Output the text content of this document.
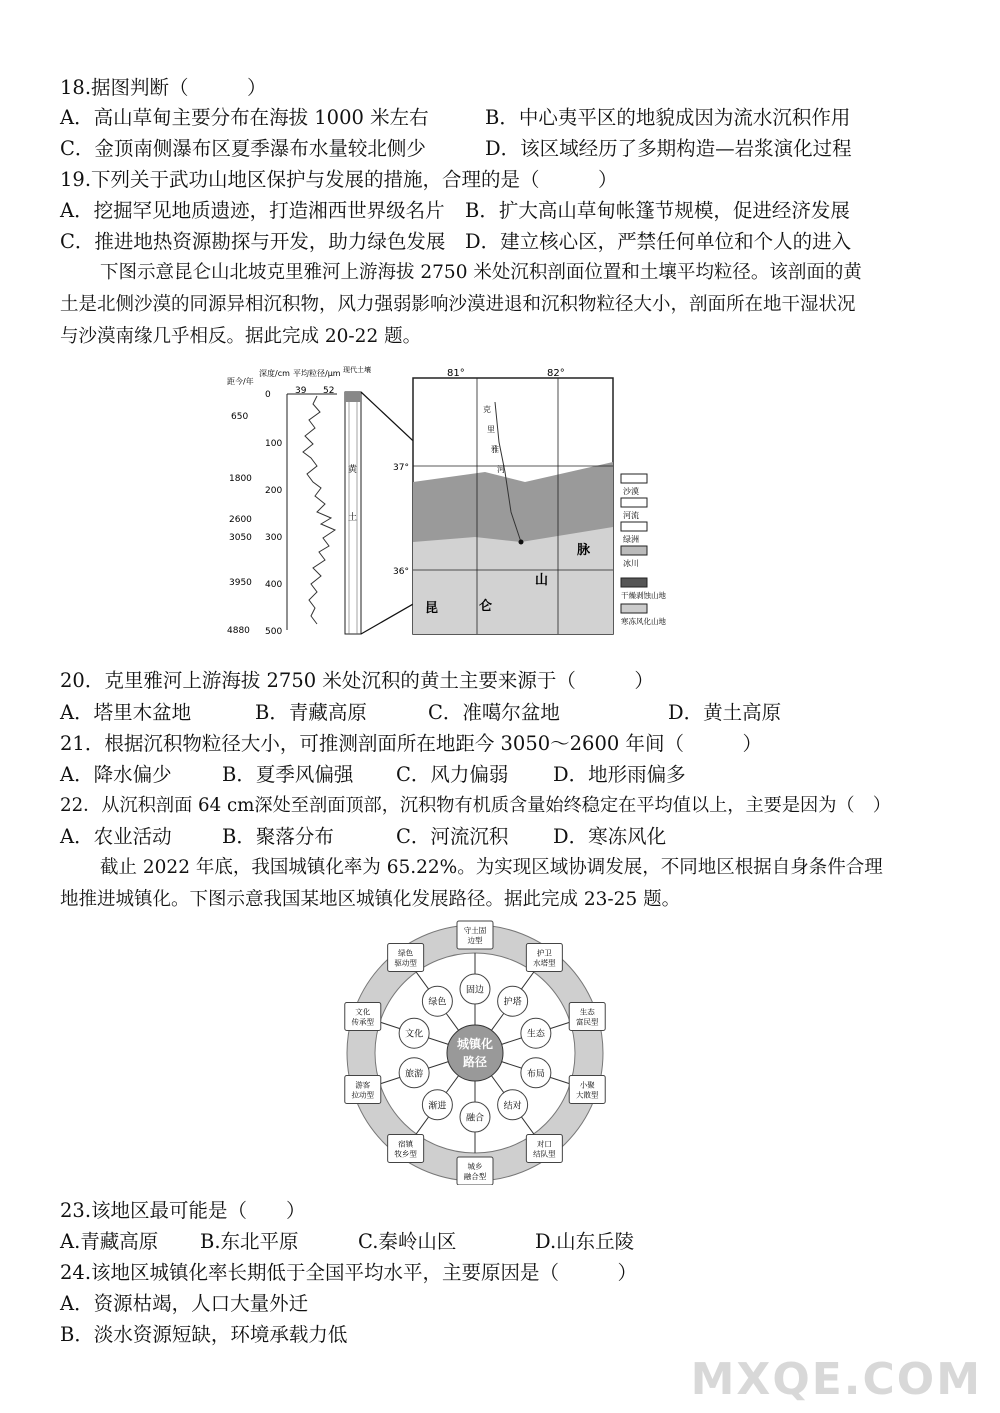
18.据图判断（　　　）
A．高山草甸主要分布在海拔 1000 米左右	B．中心夷平区的地貌成因为流水沉积作用
C．金顶南侧瀑布区夏季瀑布水量较北侧少	D．该区域经历了多期构造—岩浆演化过程
19.下列关于武功山地区保护与发展的措施，合理的是（　　　）
A．挖掘罕见地质遗迹，打造湘西世界级名片 B．扩大高山草甸帐篷节规模，促进经济发展
C．推进地热资源勘探与开发，助力绿色发展 D．建立核心区，严禁任何单位和个人的进入
下图示意昆仑山北坡克里雅河上游海拔 2750 米处沉积剖面位置和土壤平均粒径。该剖面的黄
土是北侧沙漠的同源异相沉积物，风力强弱影响沙漠进退和沉积物粒径大小，剖面所在地干湿状况
与沙漠南缘几乎相反。据此完成 20-22 题。
距今/年
深度/cm 平均粒径/μm 现代土壤
39 52
0
100
200
300
400
500
650
1800
2600
3050
3950
4880
黄
土
81°	82°
37°
36°
克
里
雅
河
昆	仑
山
脉
沙漠
河流
绿洲
冰川
干燥剥蚀山地
寒冻风化山地
20．克里雅河上游海拔 2750 米处沉积的黄土主要来源于（　　　）
A．塔里木盆地	B．青藏高原	C．准噶尔盆地	D．黄土高原
21．根据沉积物粒径大小，可推测剖面所在地距今 3050～2600 年间（　　　）
A．降水偏少	B．夏季风偏强 C．风力偏弱 D．地形雨偏多
22．从沉积剖面 64 cm深处至剖面顶部，沉积物有机质含量始终稳定在平均值以上，主要是因为（　）
A．农业活动	B．聚落分布	C．河流沉积 D．寒冻风化
截止 2022 年底，我国城镇化率为 65.22%。为实现区域协调发展，不同地区根据自身条件合理
地推进城镇化。下图示意我国某地区城镇化发展路径。据此完成 23-25 题。
城镇化
路径
固边
守土固
边型
护塔
护卫
水塔型
生态
生态
富民型
布局
小聚
大散型
结对
对口
结队型
融合
城乡
融合型
渐进
宿镇
牧乡型
旅游
游客
拉动型
文化
文化
传承型
绿色
绿色
驱动型
23.该地区最可能是（　　）
A.青藏高原 B.东北平原	C.秦岭山区	D.山东丘陵
24.该地区城镇化率长期低于全国平均水平，主要原因是（　　　）
A．资源枯竭，人口大量外迁
B．淡水资源短缺，环境承载力低
MXQE.COM
